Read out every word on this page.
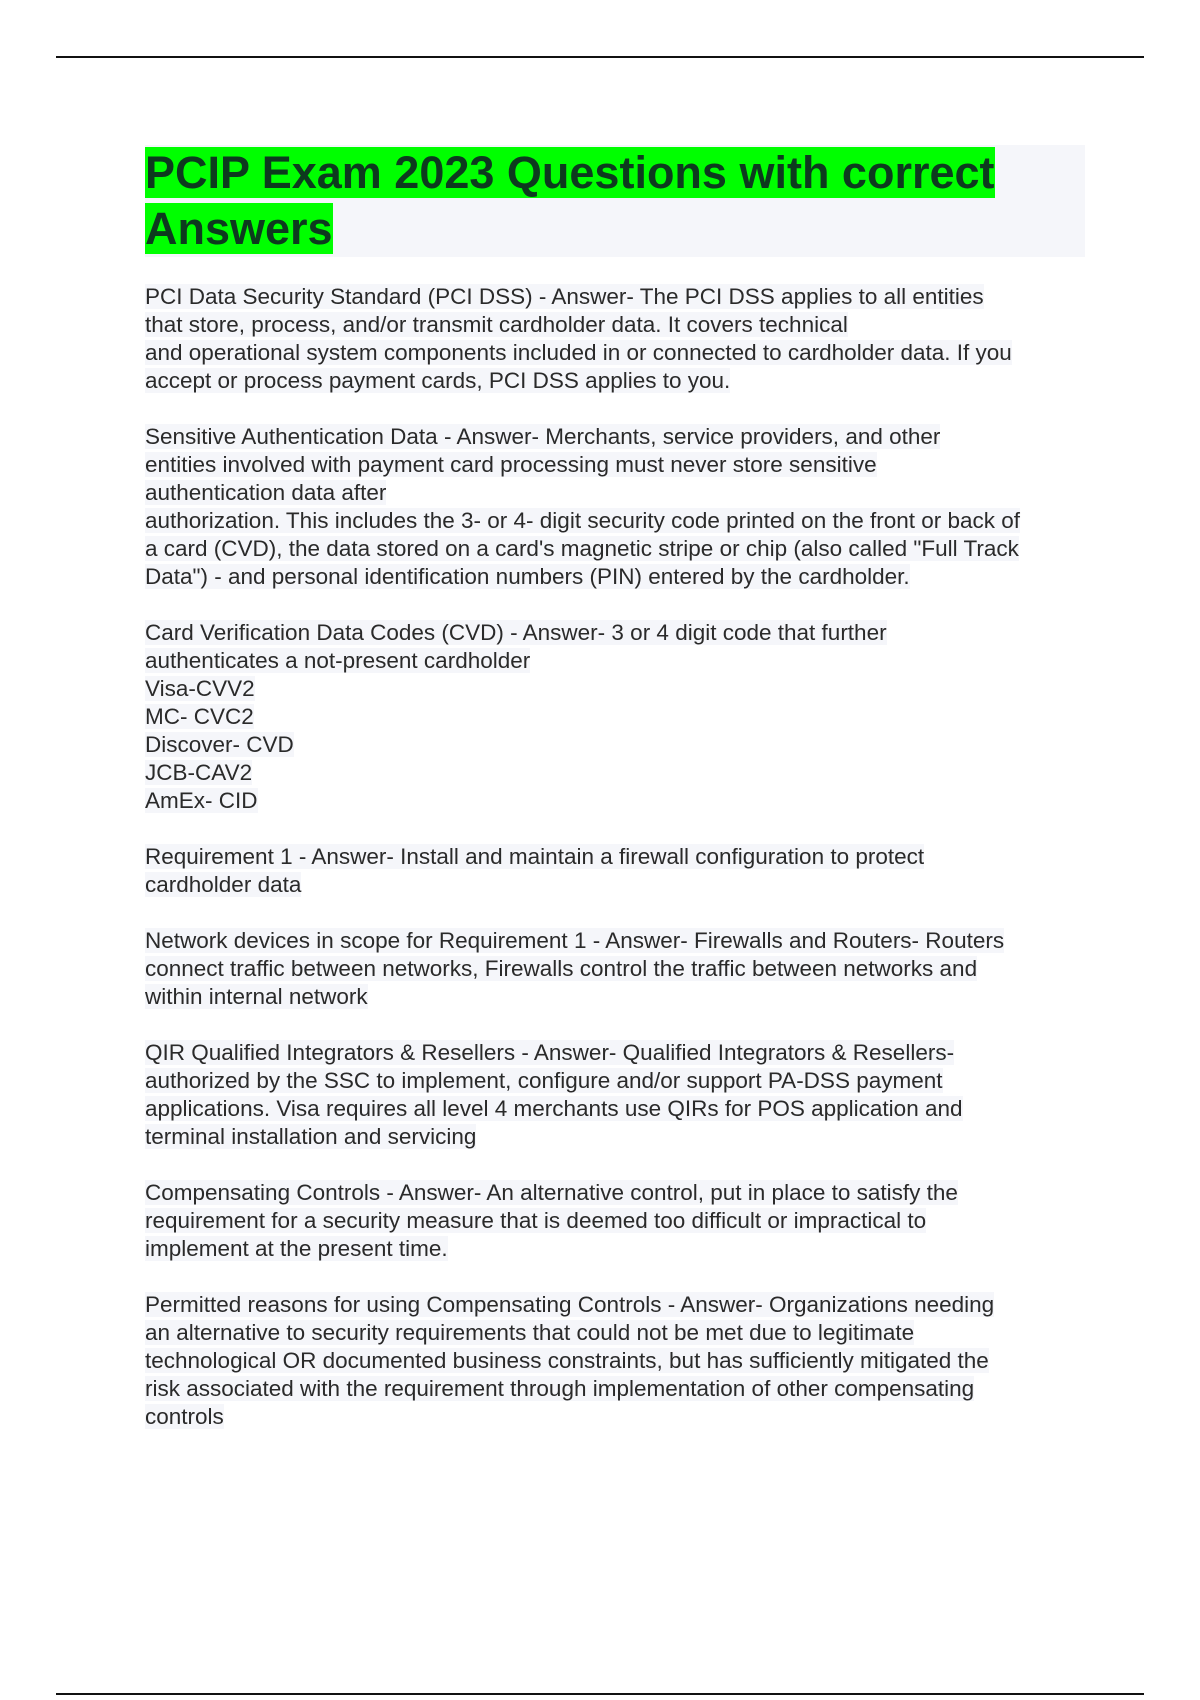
PCIP Exam 2023 Questions with correct Answers

PCI Data Security Standard (PCI DSS) - Answer- The PCI DSS applies to all entities
that store, process, and/or transmit cardholder data. It covers technical
and operational system components included in or connected to cardholder data. If you
accept or process payment cards, PCI DSS applies to you.

Sensitive Authentication Data - Answer- Merchants, service providers, and other
entities involved with payment card processing must never store sensitive
authentication data after
authorization. This includes the 3- or 4- digit security code printed on the front or back of
a card (CVD), the data stored on a card's magnetic stripe or chip (also called "Full Track
Data") - and personal identification numbers (PIN) entered by the cardholder.

Card Verification Data Codes (CVD) - Answer- 3 or 4 digit code that further
authenticates a not-present cardholder
Visa-CVV2
MC- CVC2
Discover- CVD
JCB-CAV2
AmEx- CID

Requirement 1 - Answer- Install and maintain a firewall configuration to protect
cardholder data

Network devices in scope for Requirement 1 - Answer- Firewalls and Routers- Routers
connect traffic between networks, Firewalls control the traffic between networks and
within internal network

QIR Qualified Integrators & Resellers - Answer- Qualified Integrators & Resellers-
authorized by the SSC to implement, configure and/or support PA-DSS payment
applications. Visa requires all level 4 merchants use QIRs for POS application and
terminal installation and servicing

Compensating Controls - Answer- An alternative control, put in place to satisfy the
requirement for a security measure that is deemed too difficult or impractical to
implement at the present time.

Permitted reasons for using Compensating Controls - Answer- Organizations needing
an alternative to security requirements that could not be met due to legitimate
technological OR documented business constraints, but has sufficiently mitigated the
risk associated with the requirement through implementation of other compensating
controls
